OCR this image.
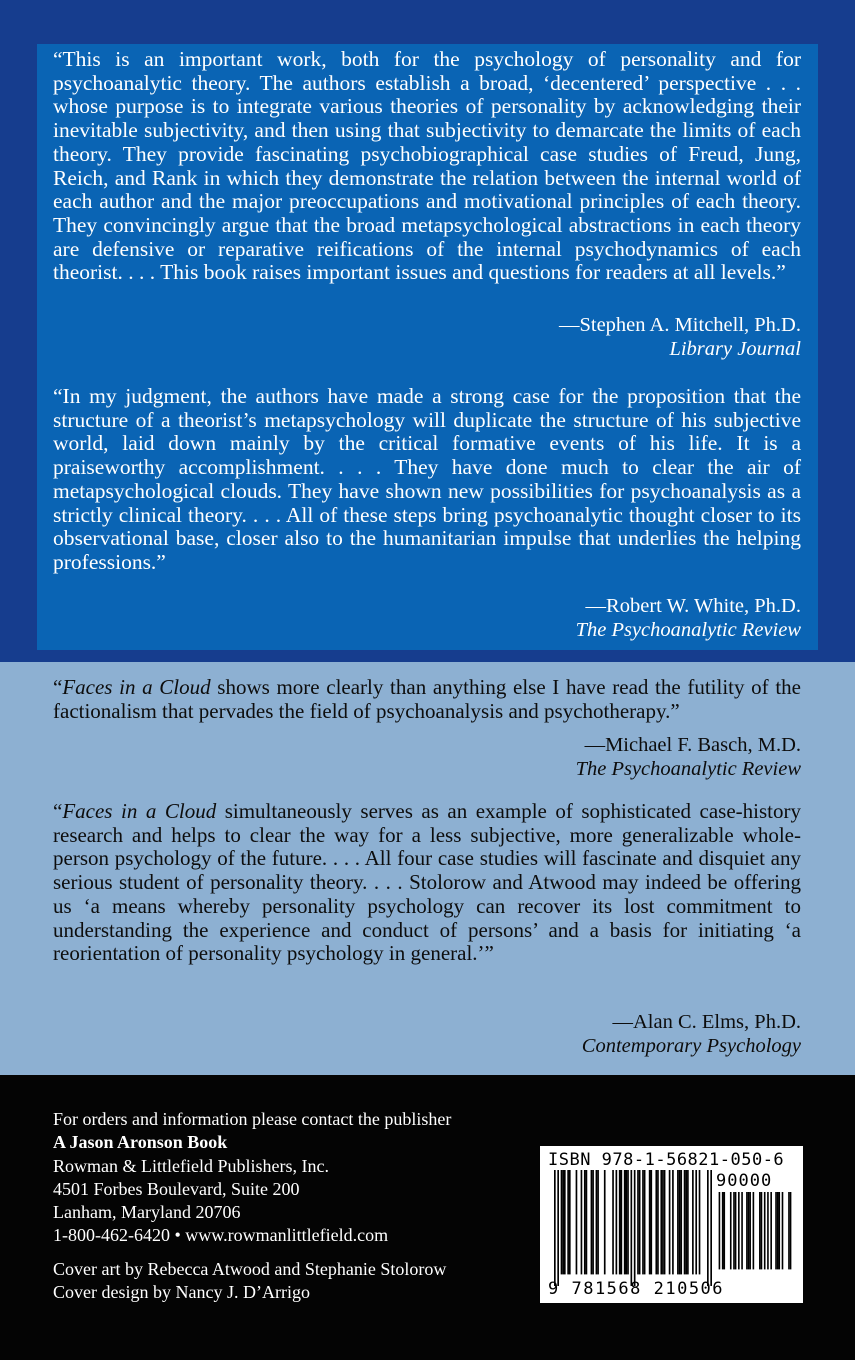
“This is an important work, both for the psychology of personality and for psychoanalytic theory. The authors establish a broad, ‘decentered’ perspective . . . whose purpose is to integrate various theories of personality by acknowledging their inevitable subjectivity, and then using that subjectivity to demarcate the limits of each theory. They provide fascinating psychobiographical case studies of Freud, Jung, Reich, and Rank in which they demonstrate the relation between the internal world of each author and the major preoccupations and motivational principles of each theory. They convincingly argue that the broad metapsychological abstractions in each theory are defensive or reparative reifications of the internal psychodynamics of each theorist. . . . This book raises important issues and questions for readers at all levels.”

—Stephen A. Mitchell, Ph.D.
Library Journal

“In my judgment, the authors have made a strong case for the proposition that the structure of a theorist’s metapsychology will duplicate the structure of his subjective world, laid down mainly by the critical formative events of his life. It is a praiseworthy accomplishment. . . . They have done much to clear the air of metapsychological clouds. They have shown new possibilities for psychoanalysis as a strictly clinical theory. . . . All of these steps bring psychoanalytic thought closer to its observational base, closer also to the humanitarian impulse that underlies the helping professions.”

—Robert W. White, Ph.D.
The Psychoanalytic Review

“Faces in a Cloud shows more clearly than anything else I have read the futility of the factionalism that pervades the field of psychoanalysis and psychotherapy.”

—Michael F. Basch, M.D.
The Psychoanalytic Review

“Faces in a Cloud simultaneously serves as an example of sophisticated case-history research and helps to clear the way for a less subjective, more generalizable whole-person psychology of the future. . . . All four case studies will fascinate and disquiet any serious student of personality theory. . . . Stolorow and Atwood may indeed be offering us ‘a means whereby personality psychology can recover its lost commitment to understanding the experience and conduct of persons’ and a basis for initiating ‘a reorientation of personality psychology in general.’”

—Alan C. Elms, Ph.D.
Contemporary Psychology

For orders and information please contact the publisher
A Jason Aronson Book
Rowman & Littlefield Publishers, Inc.
4501 Forbes Boulevard, Suite 200
Lanham, Maryland 20706
1-800-462-6420 • www.rowmanlittlefield.com
Cover art by Rebecca Atwood and Stephanie Stolorow
Cover design by Nancy J. D’Arrigo
ISBN 978-1-56821-050-6
90000
9 781568 210506
